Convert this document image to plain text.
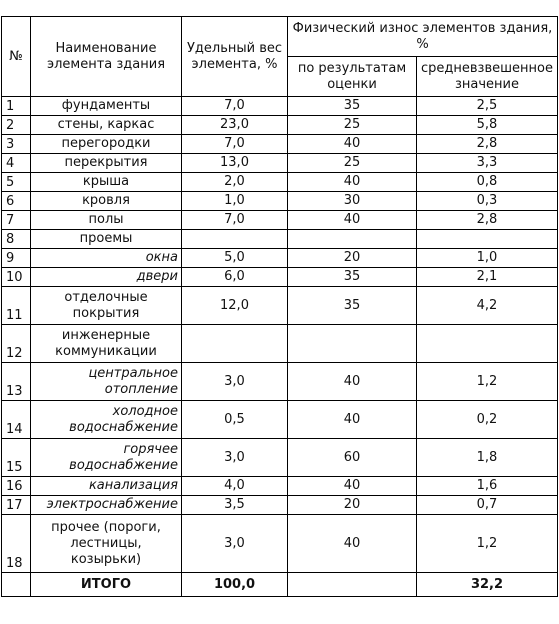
№	Наименование элемента здания	Удельный вес элемента, %	Физический износ элементов здания, %	
			по результатам оценки	средневзвешенное значение
1	фундаменты	7,0	35	2,5
2	стены, каркас	23,0	25	5,8
3	перегородки	7,0	40	2,8
4	перекрытия	13,0	25	3,3
5	крыша	2,0	40	0,8
6	кровля	1,0	30	0,3
7	полы	7,0	40	2,8
8	проемы			
9	окна	5,0	20	1,0
10	двери	6,0	35	2,1
11	отделочные покрытия	12,0	35	4,2
12	инженерные коммуникации			
13	центральное отопление	3,0	40	1,2
14	холодное водоснабжение	0,5	40	0,2
15	горячее водоснабжение	3,0	60	1,8
16	канализация	4,0	40	1,6
17	электроснабжение	3,5	20	0,7
18	прочее (пороги, лестницы, козырьки)	3,0	40	1,2
	ИТОГО	100,0		32,2
